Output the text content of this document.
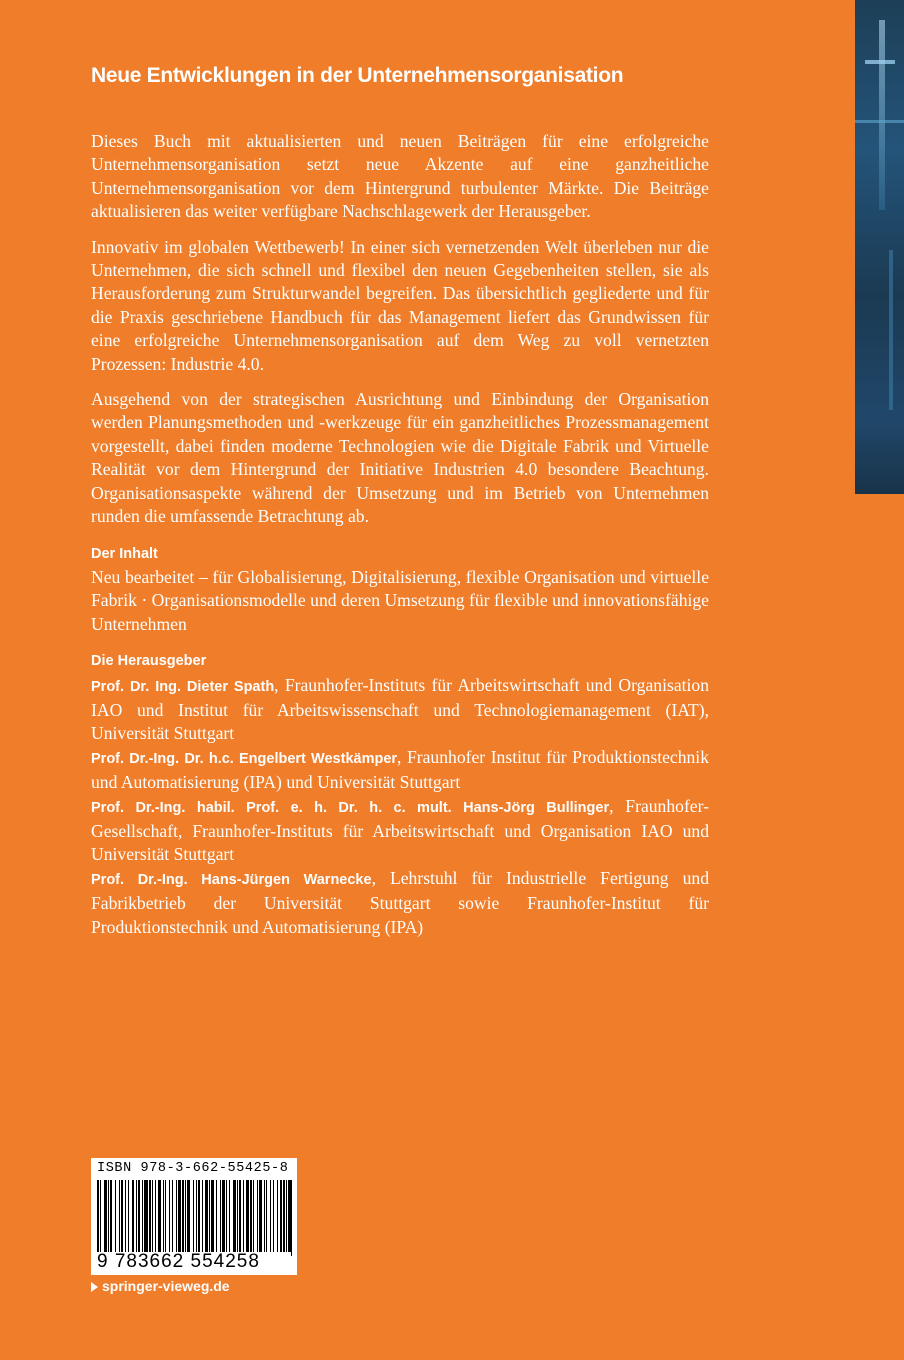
Neue Entwicklungen in der Unternehmensorganisation

Dieses Buch mit aktualisierten und neuen Beiträgen für eine erfolgreiche Unternehmensorganisation setzt neue Akzente auf eine ganzheitliche Unternehmensorganisation vor dem Hintergrund turbulenter Märkte. Die Beiträge aktualisieren das weiter verfügbare Nachschlagewerk der Herausgeber.

Innovativ im globalen Wettbewerb! In einer sich vernetzenden Welt überleben nur die Unternehmen, die sich schnell und flexibel den neuen Gegebenheiten stellen, sie als Herausforderung zum Strukturwandel begreifen. Das übersichtlich gegliederte und für die Praxis geschriebene Handbuch für das Management liefert das Grundwissen für eine erfolgreiche Unternehmensorganisation auf dem Weg zu voll vernetzten Prozessen: Industrie 4.0.

Ausgehend von der strategischen Ausrichtung und Einbindung der Organisation werden Planungsmethoden und -werkzeuge für ein ganzheitliches Prozessmanagement vorgestellt, dabei finden moderne Technologien wie die Digitale Fabrik und Virtuelle Realität vor dem Hintergrund der Initiative Industrien 4.0 besondere Beachtung. Organisationsaspekte während der Umsetzung und im Betrieb von Unternehmen runden die umfassende Betrachtung ab.

Der Inhalt

Neu bearbeitet – für Globalisierung, Digitalisierung, flexible Organisation und virtuelle Fabrik · Organisationsmodelle und deren Umsetzung für flexible und innovationsfähige Unternehmen

Die Herausgeber

Prof. Dr. Ing. Dieter Spath, Fraunhofer-Instituts für Arbeitswirtschaft und Organisation IAO und Institut für Arbeitswissenschaft und Technologiemanagement (IAT), Universität Stuttgart

Prof. Dr.-Ing. Dr. h.c. Engelbert Westkämper, Fraunhofer Institut für Produktionstechnik und Automatisierung (IPA) und Universität Stuttgart

Prof. Dr.-Ing. habil. Prof. e. h. Dr. h. c. mult. Hans-Jörg Bullinger, Fraunhofer-Gesellschaft, Fraunhofer-Instituts für Arbeitswirtschaft und Organisation IAO und Universität Stuttgart

Prof. Dr.-Ing. Hans-Jürgen Warnecke, Lehrstuhl für Industrielle Fertigung und Fabrikbetrieb der Universität Stuttgart sowie Fraunhofer-Institut für Produktionstechnik und Automatisierung (IPA)

ISBN 978-3-662-55425-8
9 783662 554258
springer-vieweg.de
